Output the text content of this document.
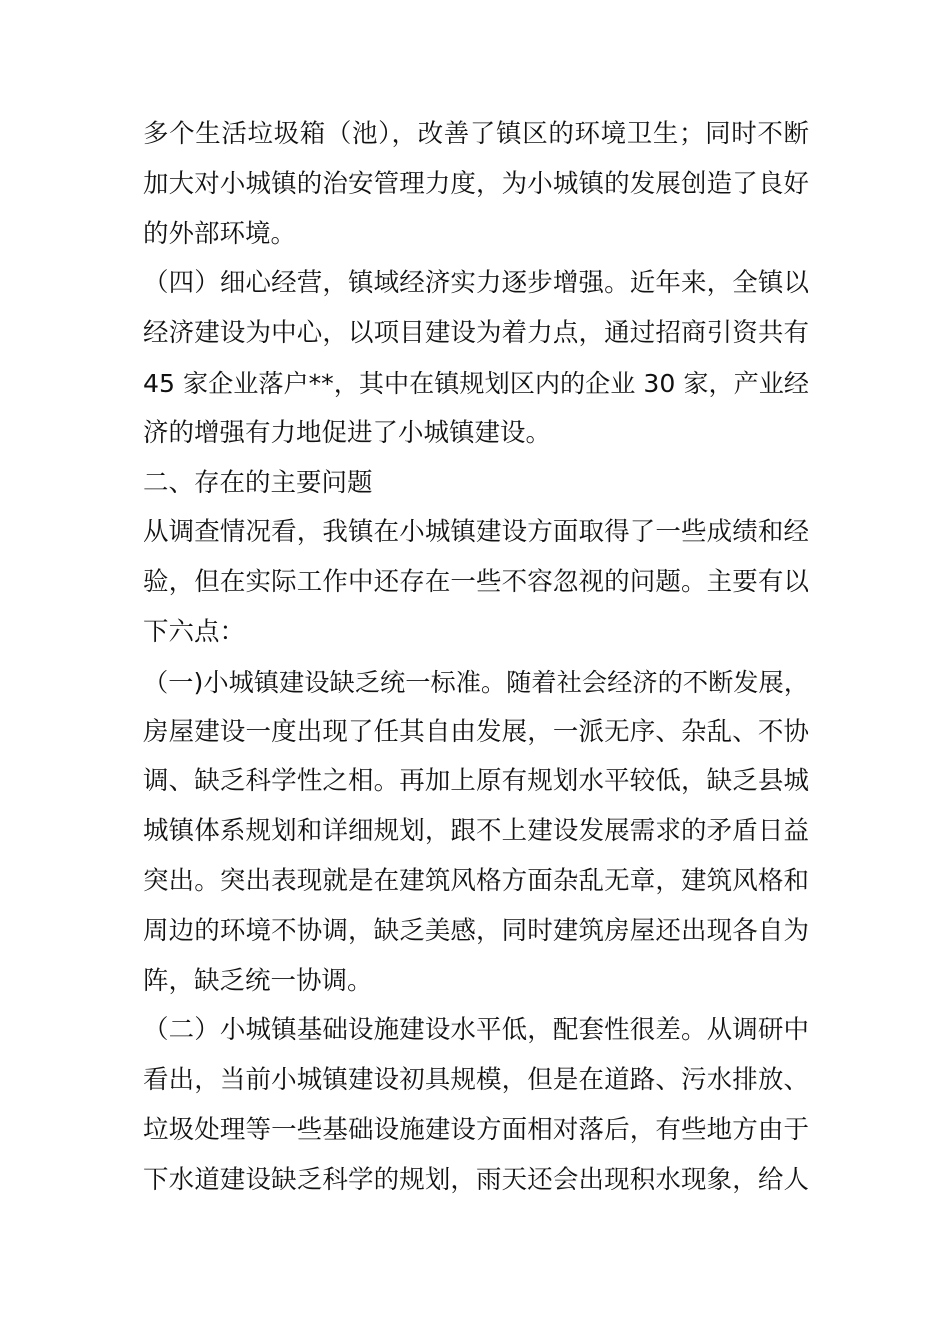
多个生活垃圾箱（池），改善了镇区的环境卫生；同时不断
加大对小城镇的治安管理力度，为小城镇的发展创造了良好
的外部环境。
（四）细心经营，镇域经济实力逐步增强。近年来，全镇以
经济建设为中心，以项目建设为着力点，通过招商引资共有
45 家企业落户**，其中在镇规划区内的企业 30 家，产业经
济的增强有力地促进了小城镇建设。
二、存在的主要问题
从调查情况看，我镇在小城镇建设方面取得了一些成绩和经
验，但在实际工作中还存在一些不容忽视的问题。主要有以
下六点：
（一)小城镇建设缺乏统一标准。随着社会经济的不断发展，
房屋建设一度出现了任其自由发展，一派无序、杂乱、不协
调、缺乏科学性之相。再加上原有规划水平较低，缺乏县城
城镇体系规划和详细规划，跟不上建设发展需求的矛盾日益
突出。突出表现就是在建筑风格方面杂乱无章，建筑风格和
周边的环境不协调，缺乏美感，同时建筑房屋还出现各自为
阵，缺乏统一协调。
（二）小城镇基础设施建设水平低，配套性很差。从调研中
看出，当前小城镇建设初具规模，但是在道路、污水排放、
垃圾处理等一些基础设施建设方面相对落后，有些地方由于
下水道建设缺乏科学的规划，雨天还会出现积水现象，给人
